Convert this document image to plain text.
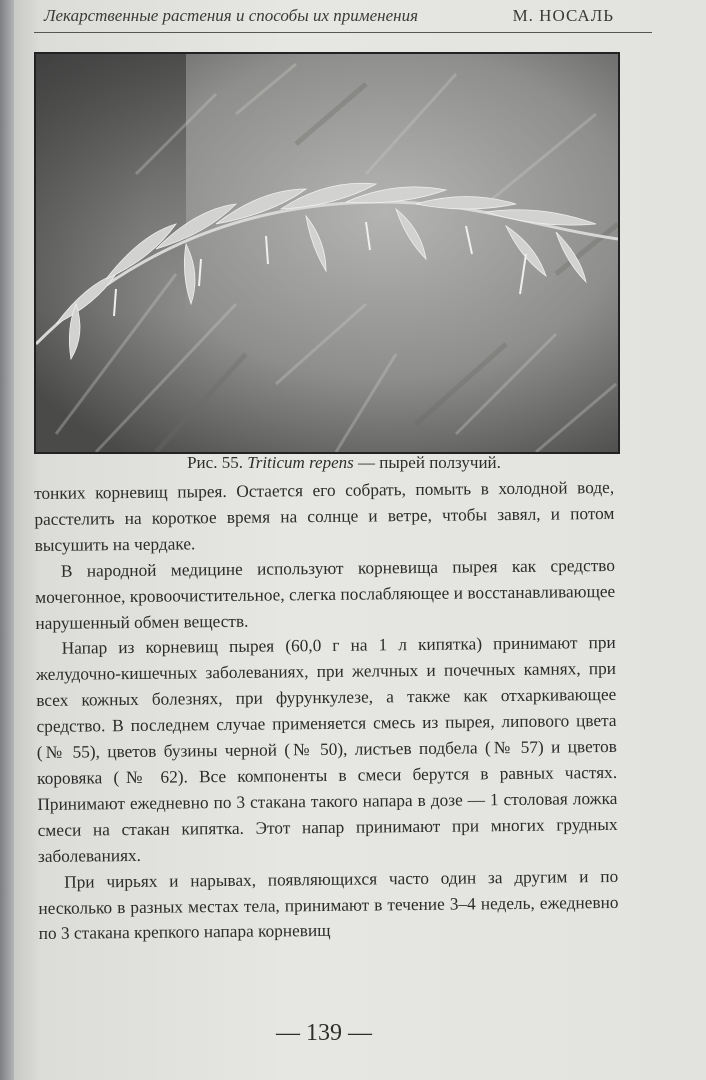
Лекарственные растения и способы их применения	М. НОСАЛЬ
Рис. 55. Triticum repens — пырей ползучий.

тонких корневищ пырея. Остается его собрать, помыть в холодной воде, расстелить на короткое время на солнце и ветре, чтобы завял, и потом высушить на чердаке.

В народной медицине используют корневища пырея как средство мочегонное, кровоочистительное, слегка послабляющее и восстанавливающее нарушенный обмен веществ.

Напар из корневищ пырея (60,0 г на 1 л кипятка) принимают при желудочно-кишечных заболеваниях, при желчных и почечных камнях, при всех кожных болезнях, при фурункулезе, а также как отхаркивающее средство. В последнем случае применяется смесь из пырея, липового цвета (№ 55), цветов бузины черной (№ 50), листьев подбела (№ 57) и цветов коровяка (№ 62). Все компоненты в смеси берутся в равных частях. Принимают ежедневно по 3 стакана такого напара в дозе — 1 столовая ложка смеси на стакан кипятка. Этот напар принимают при многих грудных заболеваниях.

При чирьях и нарывах, появляющихся часто один за другим и по несколько в разных местах тела, принимают в течение 3–4 недель, ежедневно по 3 стакана крепкого напара корневищ

— 139 —
